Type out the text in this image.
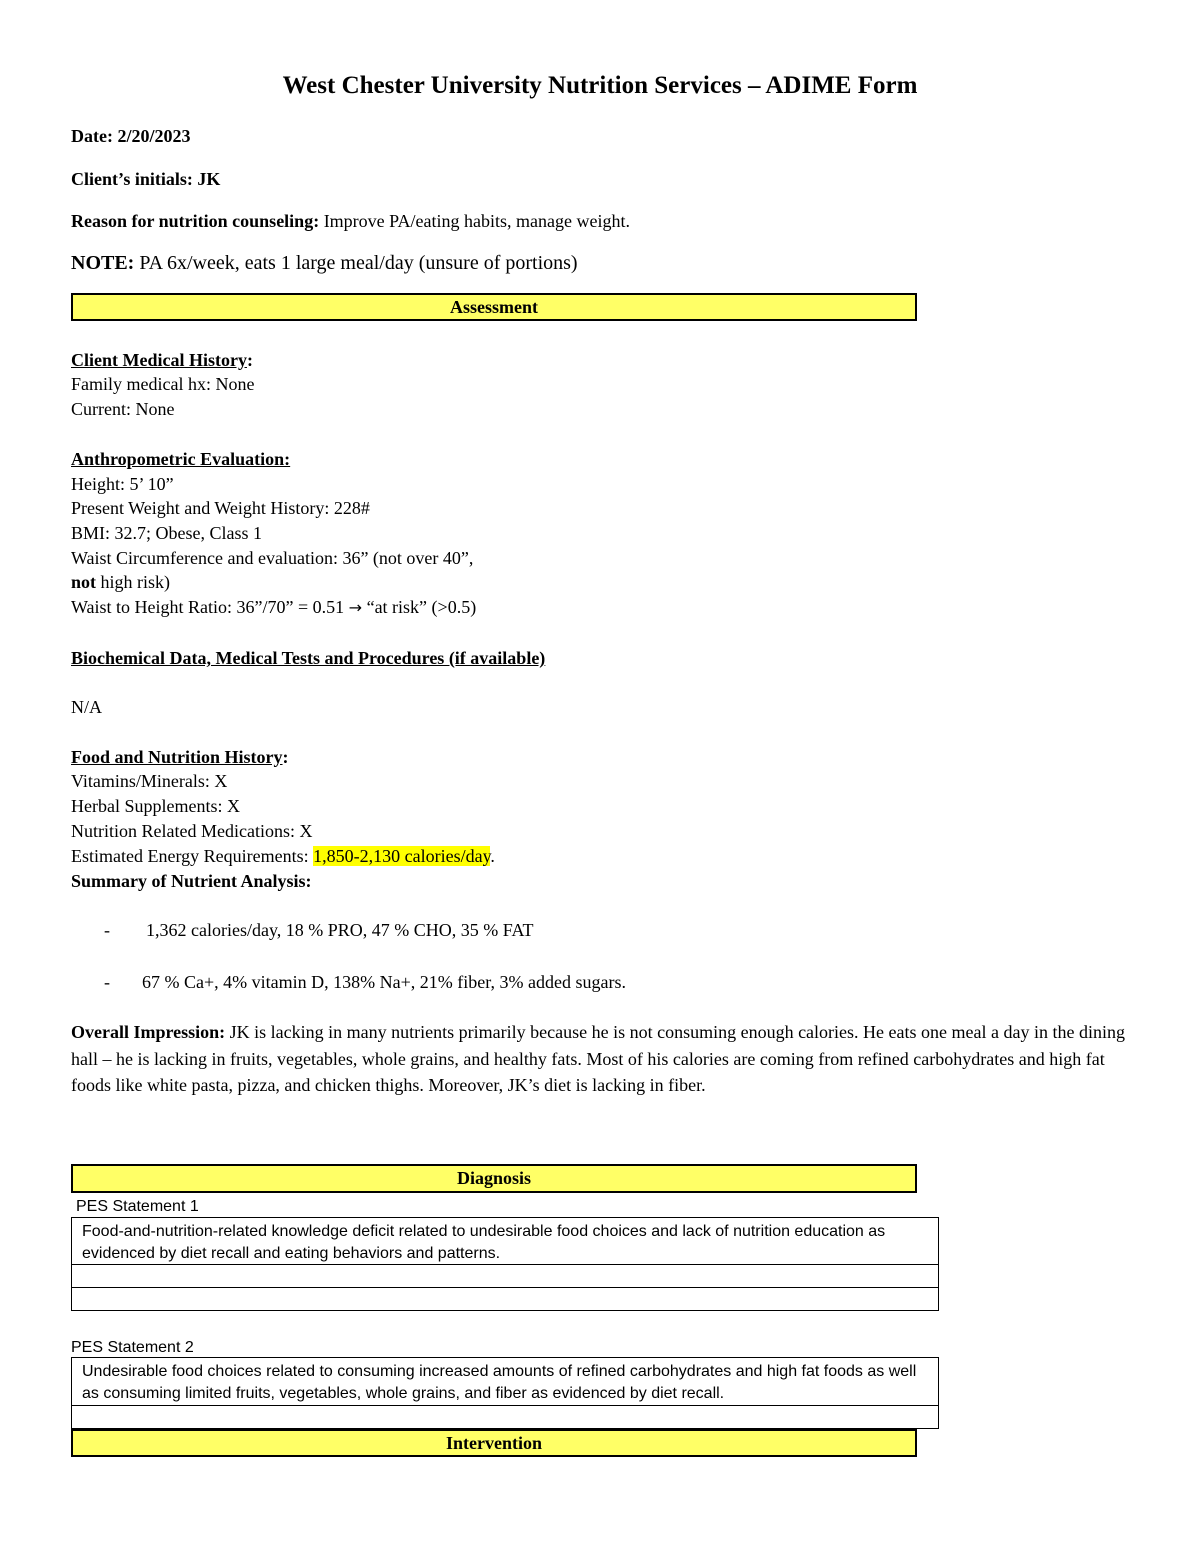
West Chester University Nutrition Services – ADIME Form
Date: 2/20/2023
Client’s initials: JK
Reason for nutrition counseling: Improve PA/eating habits, manage weight.
NOTE: PA 6x/week, eats 1 large meal/day (unsure of portions)
Assessment
Client Medical History:
Family medical hx: None
Current: None
Anthropometric Evaluation:
Height: 5’ 10”
Present Weight and Weight History: 228#
BMI: 32.7; Obese, Class 1
Waist Circumference and evaluation: 36” (not over 40”,
not high risk)
Waist to Height Ratio: 36”/70” = 0.51 → “at risk” (>0.5)
Biochemical Data, Medical Tests and Procedures (if available)
N/A
Food and Nutrition History:
Vitamins/Minerals: X
Herbal Supplements: X
Nutrition Related Medications: X
Estimated Energy Requirements: 1,850-2,130 calories/day.
Summary of Nutrient Analysis:
- 1,362 calories/day, 18 % PRO, 47 % CHO, 35 % FAT
- 67 % Ca+, 4% vitamin D, 138% Na+, 21% fiber, 3% added sugars.
Overall Impression: JK is lacking in many nutrients primarily because he is not consuming enough calories. He eats one meal a day in the dining hall – he is lacking in fruits, vegetables, whole grains, and healthy fats. Most of his calories are coming from refined carbohydrates and high fat foods like white pasta, pizza, and chicken thighs. Moreover, JK’s diet is lacking in fiber.
Diagnosis
PES Statement 1
Food-and-nutrition-related knowledge deficit related to undesirable food choices and lack of nutrition education as evidenced by diet recall and eating behaviors and patterns.
PES Statement 2
Undesirable food choices related to consuming increased amounts of refined carbohydrates and high fat foods as well as consuming limited fruits, vegetables, whole grains, and fiber as evidenced by diet recall.
Intervention
